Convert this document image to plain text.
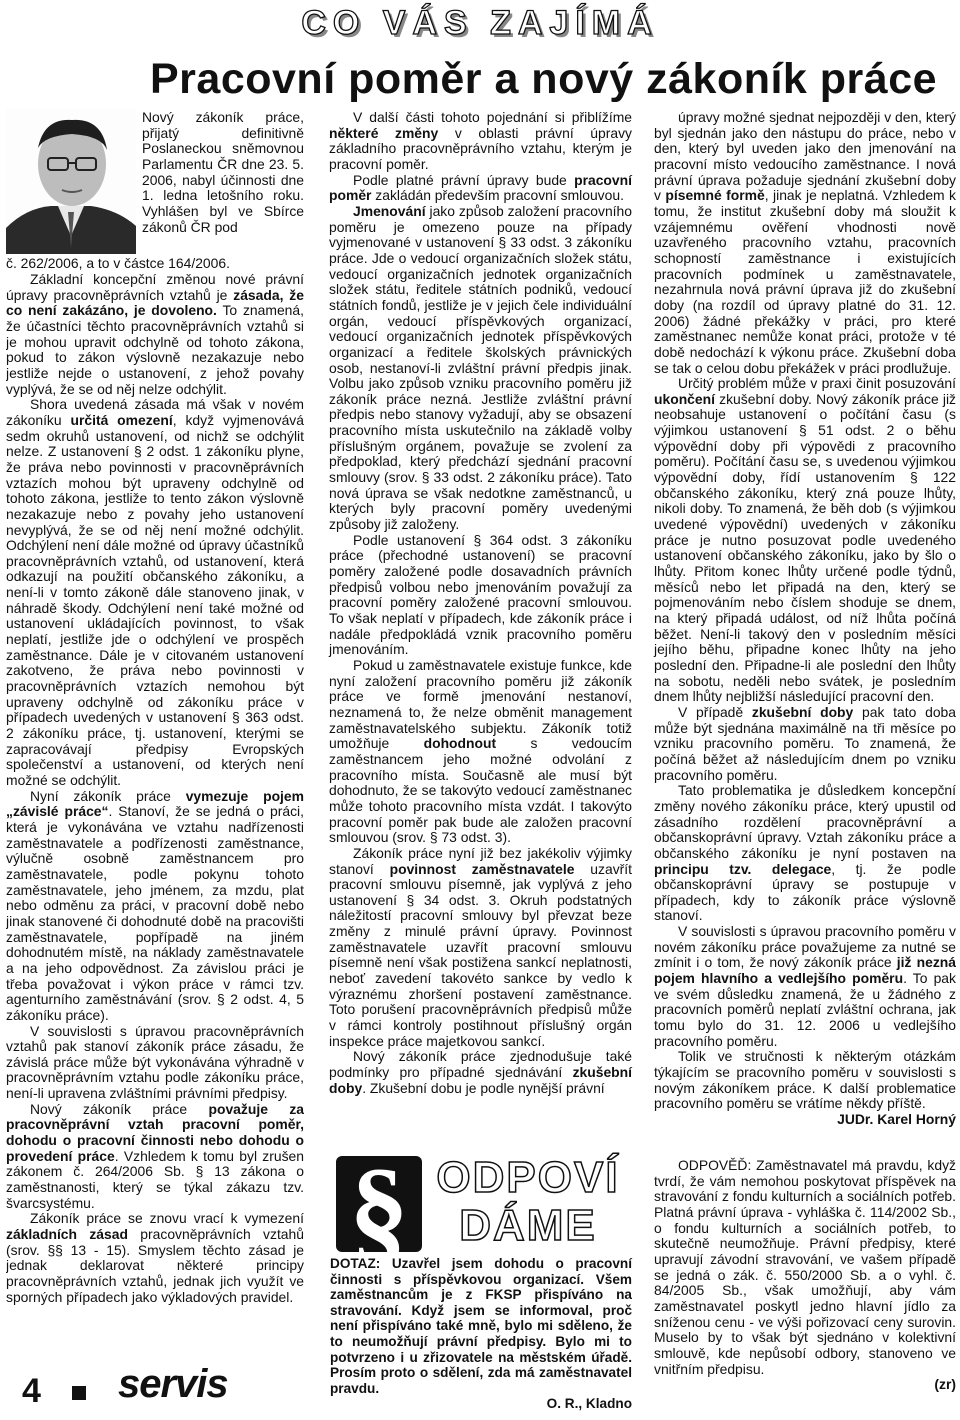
CO VÁS ZAJÍMÁ
Pracovní poměr a nový zákoník práce
Nový zákoník práce, přijatý definitivně Poslaneckou sněmovnou Parlamentu ČR dne 23. 5. 2006, nabyl účinnosti dne 1. ledna letošního roku. Vyhlášen byl ve Sbírce zákonů ČR pod
č. 262/2006, a to v částce 164/2006.

Základní koncepční změnou nové právní úpravy pracovněprávních vztahů je zásada, že co není zakázáno, je dovoleno. To znamená, že účastníci těchto pracovněprávních vztahů si je mohou upravit odchylně od tohoto zákona, pokud to zákon výslovně nezakazuje nebo jestliže nejde o ustanovení, z jehož povahy vyplývá, že se od něj nelze odchýlit.

Shora uvedená zásada má však v novém zákoníku určitá omezení, když vyjmenovává sedm okruhů ustanovení, od nichž se odchýlit nelze. Z ustanovení § 2 odst. 1 zákoníku plyne, že práva nebo povinnosti v pracovněprávních vztazích mohou být upraveny odchylně od tohoto zákona, jestliže to tento zákon výslovně nezakazuje nebo z povahy jeho ustanovení nevyplývá, že se od něj není možné odchýlit. Odchýlení není dále možné od úpravy účastníků pracovněprávních vztahů, od ustanovení, která odkazují na použití občanského zákoníku, a není-li v tomto zákoně dále stanoveno jinak, v náhradě škody. Odchýlení není také možné od ustanovení ukládajících povinnost, to však neplatí, jestliže jde o odchýlení ve prospěch zaměstnance. Dále je v citovaném ustanovení zakotveno, že práva nebo povinnosti v pracovněprávních vztazích nemohou být upraveny odchylně od zákoníku práce v případech uvedených v ustanovení § 363 odst. 2 zákoníku práce, tj. ustanovení, kterými se zapracovávají předpisy Evropských společenství a ustanovení, od kterých není možné se odchýlit.

Nyní zákoník práce vymezuje pojem „závislé práce“. Stanoví, že se jedná o práci, která je vykonávána ve vztahu nadřízenosti zaměstnavatele a podřízenosti zaměstnance, výlučně osobně zaměstnancem pro zaměstnavatele, podle pokynu tohoto zaměstnavatele, jeho jménem, za mzdu, plat nebo odměnu za práci, v pracovní době nebo jinak stanovené či dohodnuté době na pracovišti zaměstnavatele, popřípadě na jiném dohodnutém místě, na náklady zaměstnavatele a na jeho odpovědnost. Za závislou práci je třeba považovat i výkon práce v rámci tzv. agenturního zaměstnávání (srov. § 2 odst. 4, 5 zákoníku práce).

V souvislosti s úpravou pracovněprávních vztahů pak stanoví zákoník práce zásadu, že závislá práce může být vykonávána výhradně v pracovněprávním vztahu podle zákoníku práce, není-li upravena zvláštními právními předpisy.

Nový zákoník práce považuje za pracovněprávní vztah pracovní poměr, dohodu o pracovní činnosti nebo dohodu o provedení práce. Vzhledem k tomu byl zrušen zákonem č. 264/2006 Sb. § 13 zákona o zaměstnanosti, který se týkal zákazu tzv. švarcsystému.

Zákoník práce se znovu vrací k vymezení základních zásad pracovněprávních vztahů (srov. §§ 13 - 15). Smyslem těchto zásad je jednak deklarovat některé principy pracovněprávních vztahů, jednak jich využít ve sporných případech jako výkladových pravidel.

V další části tohoto pojednání si přiblížíme některé změny v oblasti právní úpravy základního pracovněprávního vztahu, kterým je pracovní poměr.

Podle platné právní úpravy bude pracovní poměr zakládán především pracovní smlouvou.

Jmenování jako způsob založení pracovního poměru je omezeno pouze na případy vyjmenované v ustanovení § 33 odst. 3 zákoníku práce. Jde o vedoucí organizačních složek státu, vedoucí organizačních jednotek organizačních složek státu, ředitele státních podniků, vedoucí státních fondů, jestliže je v jejich čele individuální orgán, vedoucí příspěvkových organizací, vedoucí organizačních jednotek příspěvkových organizací a ředitele školských právnických osob, nestanoví-li zvláštní právní předpis jinak. Volbu jako způsob vzniku pracovního poměru již zákoník práce nezná. Jestliže zvláštní právní předpis nebo stanovy vyžadují, aby se obsazení pracovního místa uskutečnilo na základě volby příslušným orgánem, považuje se zvolení za předpoklad, který předchází sjednání pracovní smlouvy (srov. § 33 odst. 2 zákoníku práce). Tato nová úprava se však nedotkne zaměstnanců, u kterých byly pracovní poměry uvedenými způsoby již založeny.

Podle ustanovení § 364 odst. 3 zákoníku práce (přechodné ustanovení) se pracovní poměry založené podle dosavadních právních předpisů volbou nebo jmenováním považují za pracovní poměry založené pracovní smlouvou. To však neplatí v případech, kde zákoník práce i nadále předpokládá vznik pracovního poměru jmenováním.

Pokud u zaměstnavatele existuje funkce, kde nyní založení pracovního poměru již zákoník práce ve formě jmenování nestanoví, neznamená to, že nelze obměnit management zaměstnavatelského subjektu. Zákoník totiž umožňuje dohodnout s vedoucím zaměstnancem jeho možné odvolání z pracovního místa. Současně ale musí být dohodnuto, že se takovýto vedoucí zaměstnanec může tohoto pracovního místa vzdát. I takovýto pracovní poměr pak bude ale založen pracovní smlouvou (srov. § 73 odst. 3).

Zákoník práce nyní již bez jakékoliv výjimky stanoví povinnost zaměstnavatele uzavřít pracovní smlouvu písemně, jak vyplývá z jeho ustanovení § 34 odst. 3. Okruh podstatných náležitostí pracovní smlouvy byl převzat beze změny z minulé právní úpravy. Povinnost zaměstnavatele uzavřít pracovní smlouvu písemně není však postižena sankcí neplatnosti, neboť zavedení takovéto sankce by vedlo k výraznému zhoršení postavení zaměstnance. Toto porušení pracovněprávních předpisů může v rámci kontroly postihnout příslušný orgán inspekce práce majetkovou sankcí.

Nový zákoník práce zjednodušuje také podmínky pro případné sjednávání zkušební doby. Zkušební dobu je podle nynější právní

úpravy možné sjednat nejpozději v den, který byl sjednán jako den nástupu do práce, nebo v den, který byl uveden jako den jmenování na pracovní místo vedoucího zaměstnance. I nová právní úprava požaduje sjednání zkušební doby v písemné formě, jinak je neplatná. Vzhledem k tomu, že institut zkušební doby má sloužit k vzájemnému ověření vhodnosti nově uzavřeného pracovního vztahu, pracovních schopností zaměstnance i existujících pracovních podmínek u zaměstnavatele, nezahrnula nová právní úprava již do zkušební doby (na rozdíl od úpravy platné do 31. 12. 2006) žádné překážky v práci, pro které zaměstnanec nemůže konat práci, protože v té době nedochází k výkonu práce. Zkušební doba se tak o celou dobu překážek v práci prodlužuje.

Určitý problém může v praxi činit posuzování ukončení zkušební doby. Nový zákoník práce již neobsahuje ustanovení o počítání času (s výjimkou ustanovení § 51 odst. 2 o běhu výpovědní doby při výpovědi z pracovního poměru). Počítání času se, s uvedenou výjimkou výpovědní doby, řídí ustanovením § 122 občanského zákoníku, který zná pouze lhůty, nikoli doby. To znamená, že běh dob (s výjimkou uvedené výpovědní) uvedených v zákoníku práce je nutno posuzovat podle uvedeného ustanovení občanského zákoníku, jako by šlo o lhůty. Přitom konec lhůty určené podle týdnů, měsíců nebo let připadá na den, který se pojmenováním nebo číslem shoduje se dnem, na který připadá událost, od níž lhůta počíná běžet. Není-li takový den v posledním měsíci jejího běhu, připadne konec lhůty na jeho poslední den. Připadne-li ale poslední den lhůty na sobotu, neděli nebo svátek, je posledním dnem lhůty nejbližší následující pracovní den.

V případě zkušební doby pak tato doba může být sjednána maximálně na tři měsíce po vzniku pracovního poměru. To znamená, že počíná běžet až následujícím dnem po vzniku pracovního poměru.

Tato problematika je důsledkem koncepční změny nového zákoníku práce, který upustil od zásadního rozdělení pracovněprávní a občanskoprávní úpravy. Vztah zákoníku práce a občanského zákoníku je nyní postaven na principu tzv. delegace, tj. že podle občanskoprávní úpravy se postupuje v případech, kdy to zákoník práce výslovně stanoví.

V souvislosti s úpravou pracovního poměru v novém zákoníku práce považujeme za nutné se zmínit i o tom, že nový zákoník práce již nezná pojem hlavního a vedlejšího poměru. To pak ve svém důsledku znamená, že u žádného z pracovních poměrů neplatí zvláštní ochrana, jak tomu bylo do 31. 12. 2006 u vedlejšího pracovního poměru.

Tolik ve stručnosti k některým otázkám týkajícím se pracovního poměru v souvislosti s novým zákoníkem práce. K další problematice pracovního poměru se vrátíme někdy příště.

JUDr. Karel Horný
§ ODPOVÍ
DÁME
DOTAZ: Uzavřel jsem dohodu o pracovní činnosti s příspěvkovou organizací. Všem zaměstnancům je z FKSP přispíváno na stravování. Když jsem se informoval, proč není přispíváno také mně, bylo mi sděleno, že to neumožňují právní předpisy. Bylo mi to potvrzeno i u zřizovatele na městském úřadě. Prosím proto o sdělení, zda má zaměstnavatel pravdu.
O. R., Kladno

ODPOVĚĎ: Zaměstnavatel má pravdu, když tvrdí, že vám nemohou poskytovat příspěvek na stravování z fondu kulturních a sociálních potřeb. Platná právní úprava - vyhláška č. 114/2002 Sb., o fondu kulturních a sociálních potřeb, to skutečně neumožňuje. Právní předpisy, které upravují závodní stravování, ve vašem případě se jedná o zák. č. 550/2000 Sb. a o vyhl. č. 84/2005 Sb., však umožňují, aby vám zaměstnavatel poskytl jedno hlavní jídlo za sníženou cenu - ve výši pořizovací ceny surovin. Muselo by to však být sjednáno v kolektivní smlouvě, kde nepůsobí odbory, stanoveno ve vnitřním předpisu.

(zr)
4 servis
